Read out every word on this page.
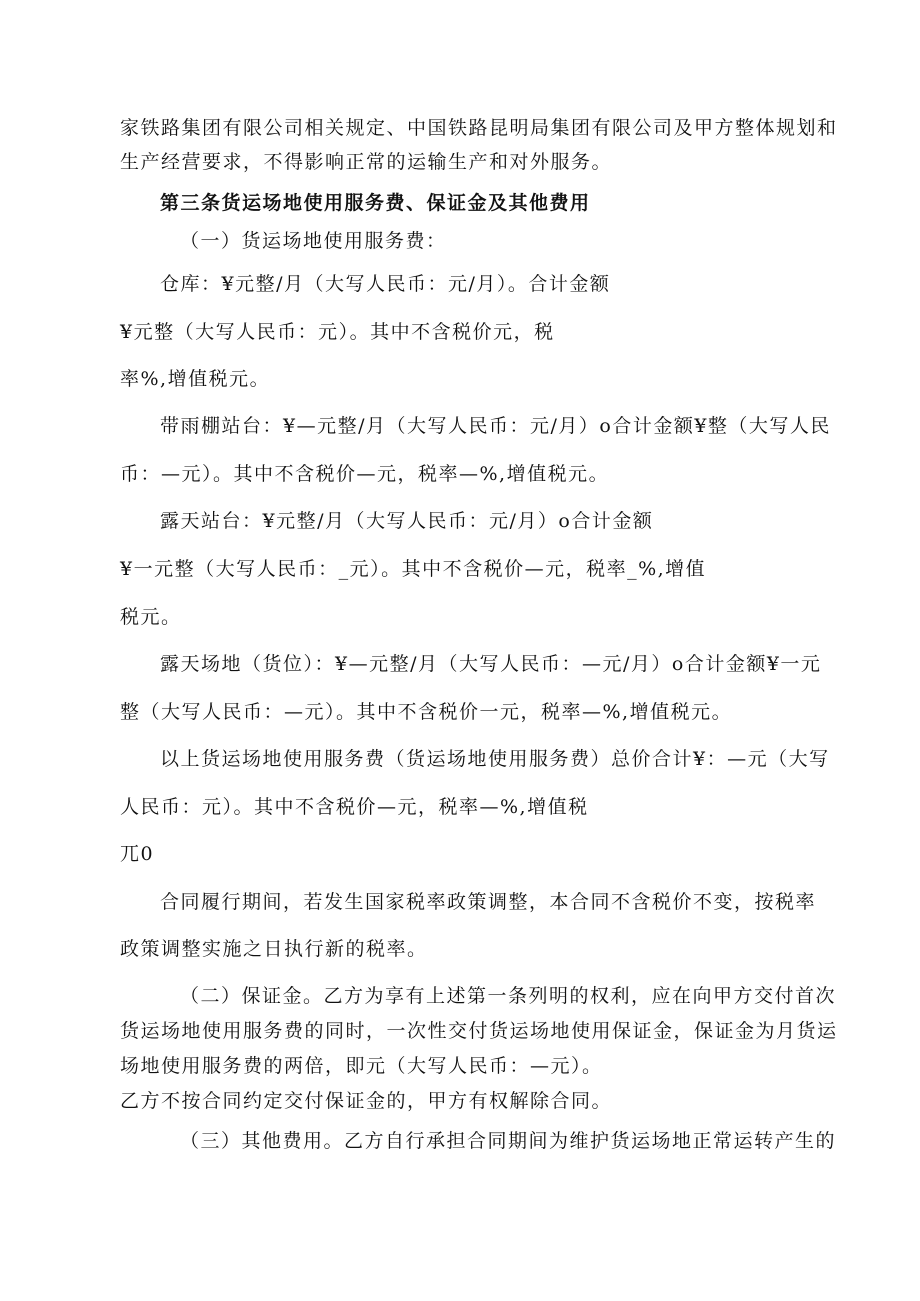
家铁路集团有限公司相关规定、中国铁路昆明局集团有限公司及甲方整体规划和
生产经营要求，不得影响正常的运输生产和对外服务。
第三条货运场地使用服务费、保证金及其他费用
（一）货运场地使用服务费：
仓库：¥元整/月（大写人民币：元/月）。合计金额
¥元整（大写人民币：元）。其中不含税价元，税
率%,增值税元。
带雨棚站台：¥—元整/月（大写人民币：元/月）o合计金额¥整（大写人民
币：—元）。其中不含税价—元，税率—%,增值税元。
露天站台：¥元整/月（大写人民币：元/月）o合计金额
¥一元整（大写人民币：_元）。其中不含税价—元，税率_%,增值
税元。
露天场地（货位）：¥—元整/月（大写人民币：—元/月）o合计金额¥一元
整（大写人民币：—元）。其中不含税价一元，税率—%,增值税元。
以上货运场地使用服务费（货运场地使用服务费）总价合计¥：—元（大写
人民币：元）。其中不含税价—元，税率—%,增值税
兀0
合同履行期间，若发生国家税率政策调整，本合同不含税价不变，按税率
政策调整实施之日执行新的税率。
（二）保证金。乙方为享有上述第一条列明的权利，应在向甲方交付首次
货运场地使用服务费的同时，一次性交付货运场地使用保证金，保证金为月货运
场地使用服务费的两倍，即元（大写人民币：—元）。
乙方不按合同约定交付保证金的，甲方有权解除合同。
（三）其他费用。乙方自行承担合同期间为维护货运场地正常运转产生的
